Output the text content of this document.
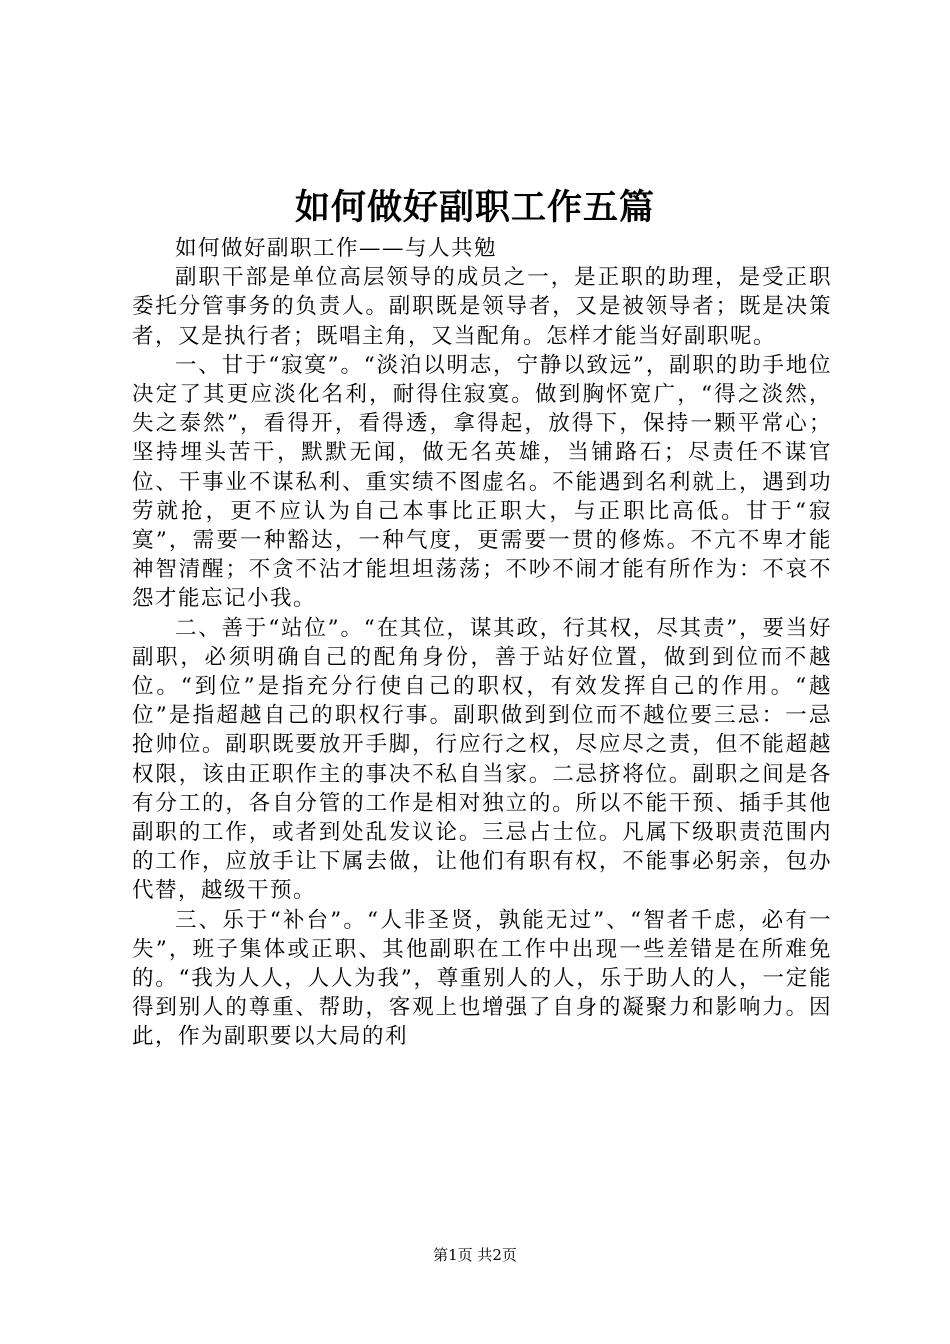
如何做好副职工作五篇

如何做好副职工作——与人共勉

副职干部是单位高层领导的成员之一，是正职的助理，是受正职委托分管事务的负责人。副职既是领导者，又是被领导者；既是决策者，又是执行者；既唱主角，又当配角。怎样才能当好副职呢。

一、甘于“寂寞”。“淡泊以明志，宁静以致远”，副职的助手地位决定了其更应淡化名利，耐得住寂寞。做到胸怀宽广，“得之淡然，失之泰然”，看得开，看得透，拿得起，放得下，保持一颗平常心；坚持埋头苦干，默默无闻，做无名英雄，当铺路石；尽责任不谋官位、干事业不谋私利、重实绩不图虚名。不能遇到名利就上，遇到功劳就抢，更不应认为自己本事比正职大，与正职比高低。甘于“寂寞”，需要一种豁达，一种气度，更需要一贯的修炼。不亢不卑才能神智清醒；不贪不沾才能坦坦荡荡；不吵不闹才能有所作为：不哀不怨才能忘记小我。

二、善于“站位”。“在其位，谋其政，行其权，尽其责”，要当好副职，必须明确自己的配角身份，善于站好位置，做到到位而不越位。“到位”是指充分行使自己的职权，有效发挥自己的作用。“越位”是指超越自己的职权行事。副职做到到位而不越位要三忌：一忌抢帅位。副职既要放开手脚，行应行之权，尽应尽之责，但不能超越权限，该由正职作主的事决不私自当家。二忌挤将位。副职之间是各有分工的，各自分管的工作是相对独立的。所以不能干预、插手其他副职的工作，或者到处乱发议论。三忌占士位。凡属下级职责范围内的工作，应放手让下属去做，让他们有职有权，不能事必躬亲，包办代替，越级干预。

三、乐于“补台”。“人非圣贤，孰能无过”、“智者千虑，必有一失”，班子集体或正职、其他副职在工作中出现一些差错是在所难免的。“我为人人，人人为我”，尊重别人的人，乐于助人的人，一定能得到别人的尊重、帮助，客观上也增强了自身的凝聚力和影响力。因此，作为副职要以大局的利

第1页 共2页
